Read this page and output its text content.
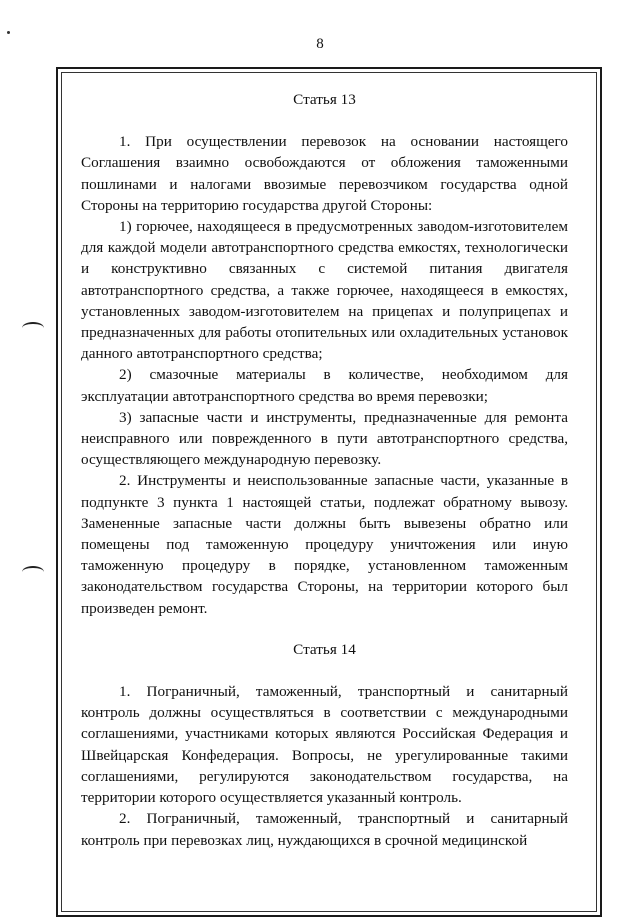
8

Статья 13

1. При осуществлении перевозок на основании настоящего Соглашения взаимно освобождаются от обложения таможенными пошлинами и налогами ввозимые перевозчиком государства одной Стороны на территорию государства другой Стороны:

1) горючее, находящееся в предусмотренных заводом-изготовителем для каждой модели автотранспортного средства емкостях, технологически и конструктивно связанных с системой питания двигателя автотранспортного средства, а также горючее, находящееся в емкостях, установленных заводом-изготовителем на прицепах и полуприцепах и предназначенных для работы отопительных или охладительных установок данного автотранспортного средства;

2) смазочные материалы в количестве, необходимом для эксплуатации автотранспортного средства во время перевозки;

3) запасные части и инструменты, предназначенные для ремонта неисправного или поврежденного в пути автотранспортного средства, осуществляющего международную перевозку.

2. Инструменты и неиспользованные запасные части, указанные в подпункте 3 пункта 1 настоящей статьи, подлежат обратному вывозу. Замененные запасные части должны быть вывезены обратно или помещены под таможенную процедуру уничтожения или иную таможенную процедуру в порядке, установленном таможенным законодательством государства Стороны, на территории которого был произведен ремонт.

Статья 14

1. Пограничный, таможенный, транспортный и санитарный контроль должны осуществляться в соответствии с международными соглашениями, участниками которых являются Российская Федерация и Швейцарская Конфедерация. Вопросы, не урегулированные такими соглашениями, регулируются законодательством государства, на территории которого осуществляется указанный контроль.

2. Пограничный, таможенный, транспортный и санитарный контроль при перевозках лиц, нуждающихся в срочной медицинской
